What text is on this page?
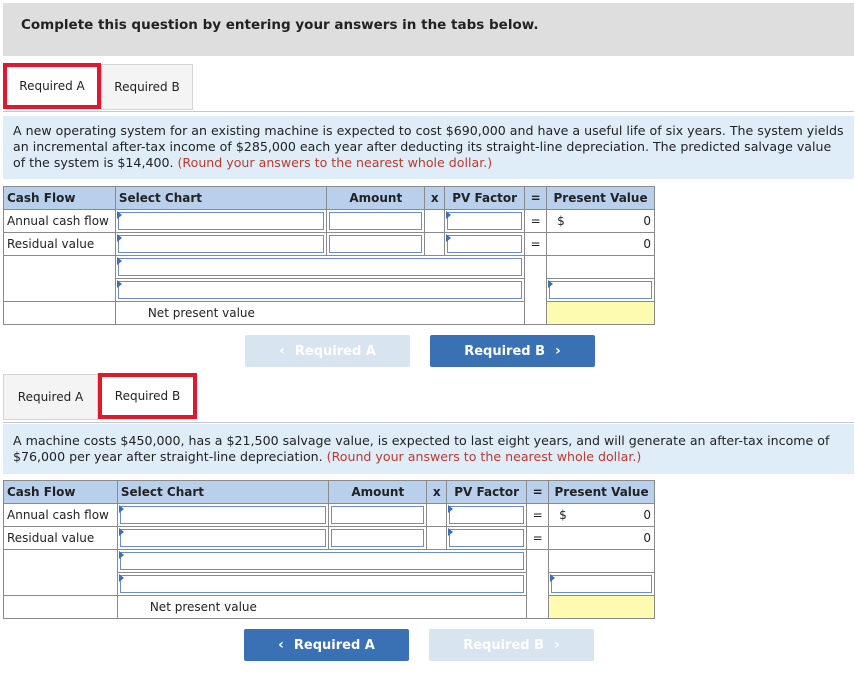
Complete this question by entering your answers in the tabs below.
Required A Required B
A new operating system for an existing machine is expected to cost $690,000 and have a useful life of six years. The system yields an incremental after-tax income of $285,000 each year after deducting its straight-line depreciation. The predicted salvage value of the system is $14,400. (Round your answers to the nearest whole dollar.)
Cash Flow	Select Chart	Amount	x	PV Factor	=	Present Value
Annual cash flow					=	$ 0
Residual value					=	0

	Net present value					
‹ Required A	Required B ›
Required A	Required B
A machine costs $450,000, has a $21,500 salvage value, is expected to last eight years, and will generate an after-tax income of $76,000 per year after straight-line depreciation. (Round your answers to the nearest whole dollar.)
Cash Flow	Select Chart	Amount	x	PV Factor	=	Present Value
Annual cash flow					=	$ 0
Residual value					=	0

	Net present value					
‹ Required A	Required B ›
